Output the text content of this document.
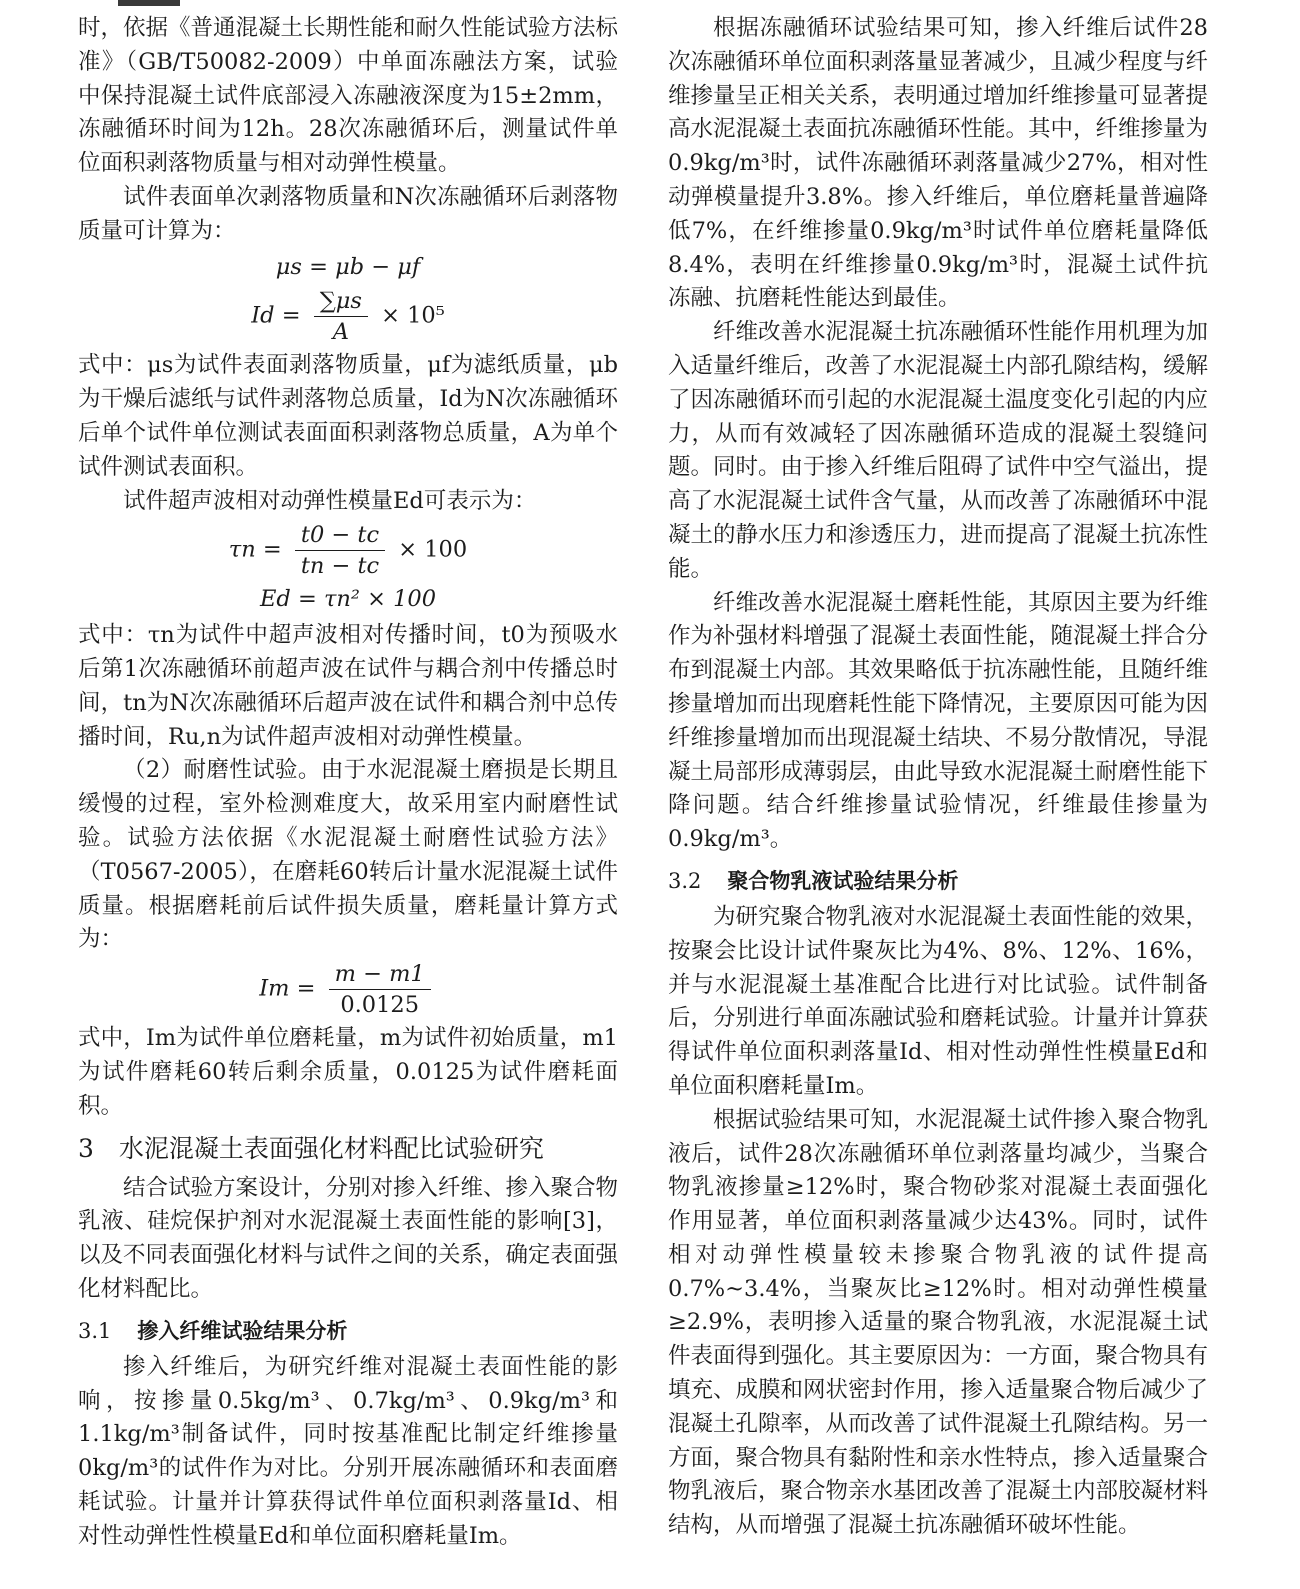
时，依据《普通混凝土长期性能和耐久性能试验方法标准》（GB/T50082-2009）中单面冻融法方案，试验中保持混凝土试件底部浸入冻融液深度为15±2mm，冻融循环时间为12h。28次冻融循环后，测量试件单位面积剥落物质量与相对动弹性模量。

试件表面单次剥落物质量和N次冻融循环后剥落物质量可计算为：

μs = μb − μf
$Id = \frac{\sum\mu s}{A} \times 10^5$

式中：μs为试件表面剥落物质量，μf为滤纸质量，μb为干燥后滤纸与试件剥落物总质量，Id为N次冻融循环后单个试件单位测试表面面积剥落物总质量，A为单个试件测试表面积。

试件超声波相对动弹性模量Ed可表示为：

$\tau n = \frac{t0 - tc}{tn - tc} \times 100$
Ed = τn² × 100

式中：τn为试件中超声波相对传播时间，t0为预吸水后第1次冻融循环前超声波在试件与耦合剂中传播总时间，tn为N次冻融循环后超声波在试件和耦合剂中总传播时间，Ru,n为试件超声波相对动弹性模量。

（2）耐磨性试验。由于水泥混凝土磨损是长期且缓慢的过程，室外检测难度大，故采用室内耐磨性试验。试验方法依据《水泥混凝土耐磨性试验方法》（T0567-2005），在磨耗60转后计量水泥混凝土试件质量。根据磨耗前后试件损失质量，磨耗量计算方式为：

$Im = \frac{m - m1}{0.0125}$

式中，Im为试件单位磨耗量，m为试件初始质量，m1为试件磨耗60转后剩余质量，0.0125为试件磨耗面积。

3　水泥混凝土表面强化材料配比试验研究

结合试验方案设计，分别对掺入纤维、掺入聚合物乳液、硅烷保护剂对水泥混凝土表面性能的影响[3]，以及不同表面强化材料与试件之间的关系，确定表面强化材料配比。

3.1 掺入纤维试验结果分析

掺入纤维后，为研究纤维对混凝土表面性能的影响，按掺量0.5kg/m³、0.7kg/m³、0.9kg/m³和1.1kg/m³制备试件，同时按基准配比制定纤维掺量0kg/m³的试件作为对比。分别开展冻融循环和表面磨耗试验。计量并计算获得试件单位面积剥落量Id、相对性动弹性性模量Ed和单位面积磨耗量Im。

根据冻融循环试验结果可知，掺入纤维后试件28次冻融循环单位面积剥落量显著减少，且减少程度与纤维掺量呈正相关关系，表明通过增加纤维掺量可显著提高水泥混凝土表面抗冻融循环性能。其中，纤维掺量为0.9kg/m³时，试件冻融循环剥落量减少27%，相对性动弹模量提升3.8%。掺入纤维后，单位磨耗量普遍降低7%，在纤维掺量0.9kg/m³时试件单位磨耗量降低8.4%，表明在纤维掺量0.9kg/m³时，混凝土试件抗冻融、抗磨耗性能达到最佳。

纤维改善水泥混凝土抗冻融循环性能作用机理为加入适量纤维后，改善了水泥混凝土内部孔隙结构，缓解了因冻融循环而引起的水泥混凝土温度变化引起的内应力，从而有效减轻了因冻融循环造成的混凝土裂缝问题。同时。由于掺入纤维后阻碍了试件中空气溢出，提高了水泥混凝土试件含气量，从而改善了冻融循环中混凝土的静水压力和渗透压力，进而提高了混凝土抗冻性能。

纤维改善水泥混凝土磨耗性能，其原因主要为纤维作为补强材料增强了混凝土表面性能，随混凝土拌合分布到混凝土内部。其效果略低于抗冻融性能，且随纤维掺量增加而出现磨耗性能下降情况，主要原因可能为因纤维掺量增加而出现混凝土结块、不易分散情况，导混凝土局部形成薄弱层，由此导致水泥混凝土耐磨性能下降问题。结合纤维掺量试验情况，纤维最佳掺量为0.9kg/m³。

3.2 聚合物乳液试验结果分析

为研究聚合物乳液对水泥混凝土表面性能的效果，按聚会比设计试件聚灰比为4%、8%、12%、16%，并与水泥混凝土基准配合比进行对比试验。试件制备后，分别进行单面冻融试验和磨耗试验。计量并计算获得试件单位面积剥落量Id、相对性动弹性性模量Ed和单位面积磨耗量Im。

根据试验结果可知，水泥混凝土试件掺入聚合物乳液后，试件28次冻融循环单位剥落量均减少，当聚合物乳液掺量≥12%时，聚合物砂浆对混凝土表面强化作用显著，单位面积剥落量减少达43%。同时，试件相对动弹性模量较未掺聚合物乳液的试件提高0.7%~3.4%，当聚灰比≥12%时。相对动弹性模量≥2.9%，表明掺入适量的聚合物乳液，水泥混凝土试件表面得到强化。其主要原因为：一方面，聚合物具有填充、成膜和网状密封作用，掺入适量聚合物后减少了混凝土孔隙率，从而改善了试件混凝土孔隙结构。另一方面，聚合物具有黏附性和亲水性特点，掺入适量聚合物乳液后，聚合物亲水基团改善了混凝土内部胶凝材料结构，从而增强了混凝土抗冻融循环破坏性能。
